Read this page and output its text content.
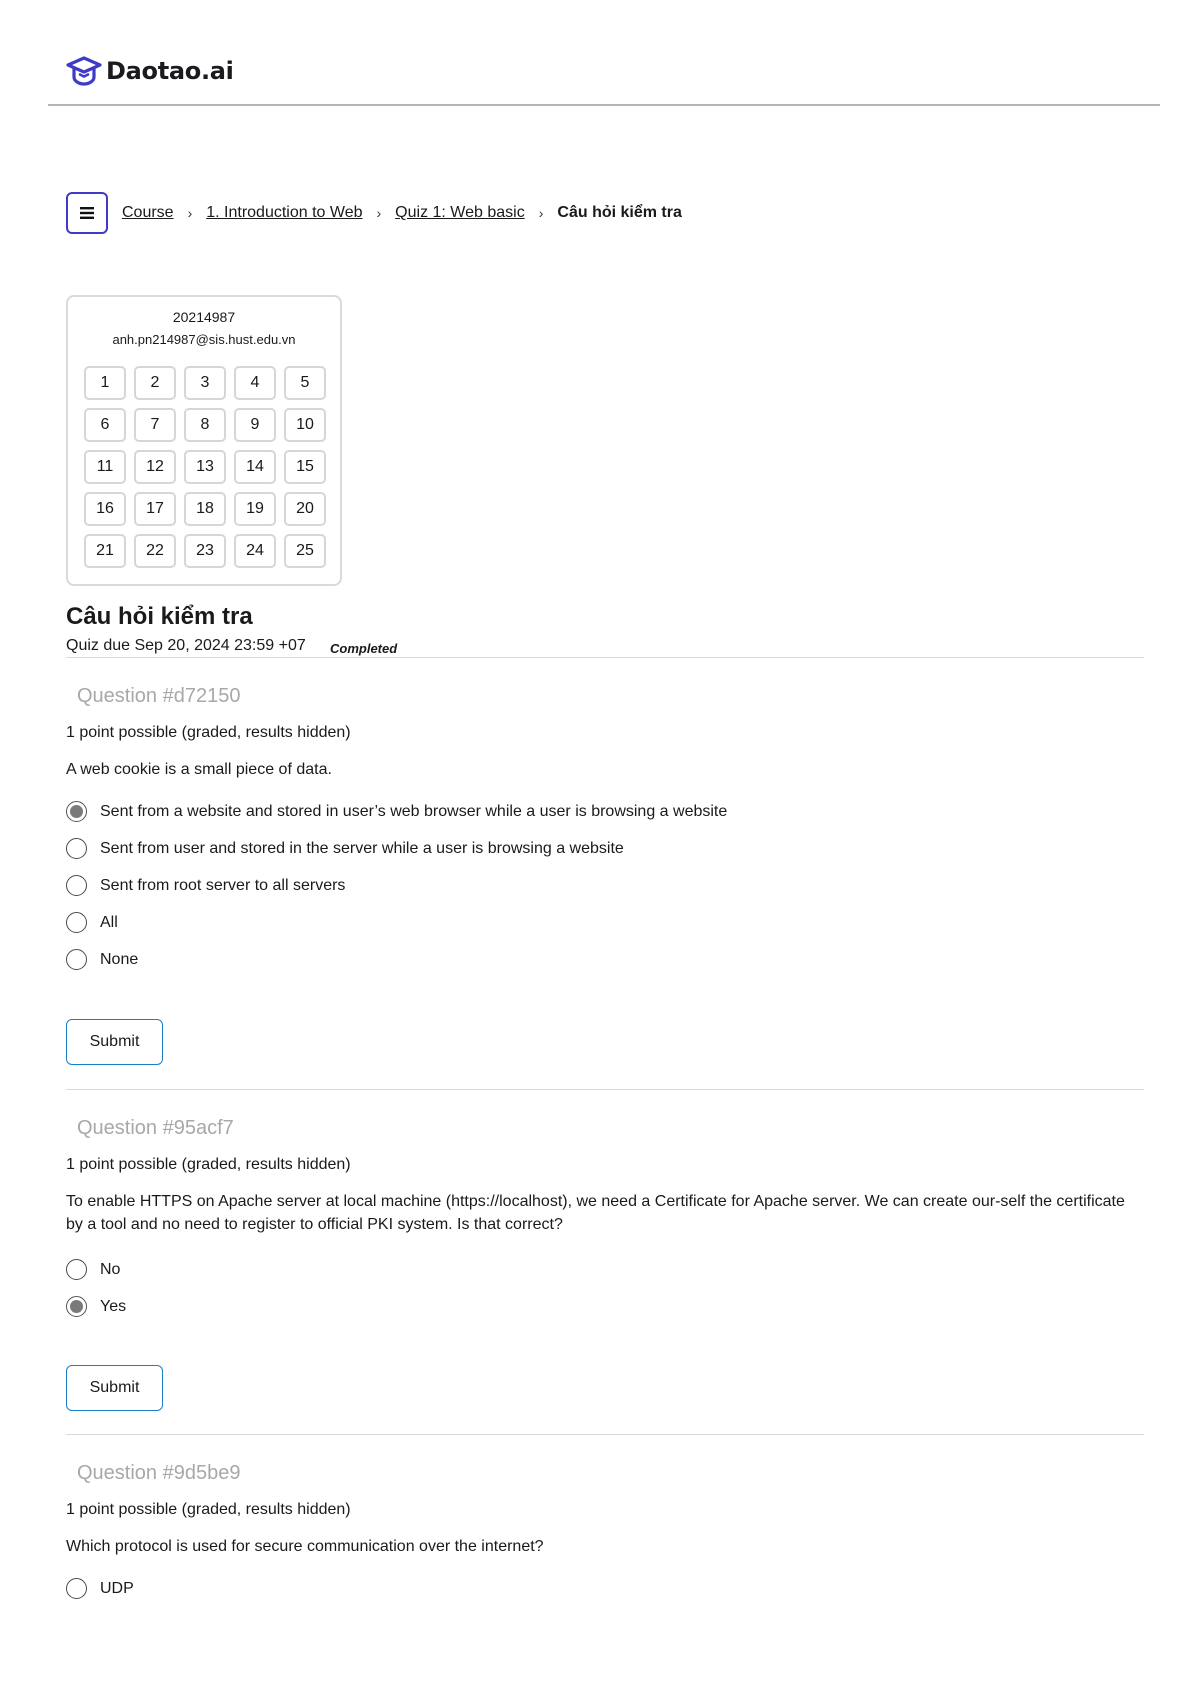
Daotao.ai
Course › 1. Introduction to Web › Quiz 1: Web basic › Câu hỏi kiểm tra
20214987
anh.pn214987@sis.hust.edu.vn
1	2	3	4	5
6	7	8	9	10
11	12	13	14	15
16	17	18	19	20
21	22	23	24	25
Câu hỏi kiểm tra
Quiz due Sep 20, 2024 23:59 +07 Completed
Question #d72150
1 point possible (graded, results hidden)
A web cookie is a small piece of data.
Sent from a website and stored in user’s web browser while a user is browsing a website
Sent from user and stored in the server while a user is browsing a website
Sent from root server to all servers
All
None
Submit
Question #95acf7
1 point possible (graded, results hidden)
To enable HTTPS on Apache server at local machine (https://localhost), we need a Certificate for Apache server. We can create our-self the certificate by a tool and no need to register to official PKI system. Is that correct?
No
Yes
Submit
Question #9d5be9
1 point possible (graded, results hidden)
Which protocol is used for secure communication over the internet?
UDP
